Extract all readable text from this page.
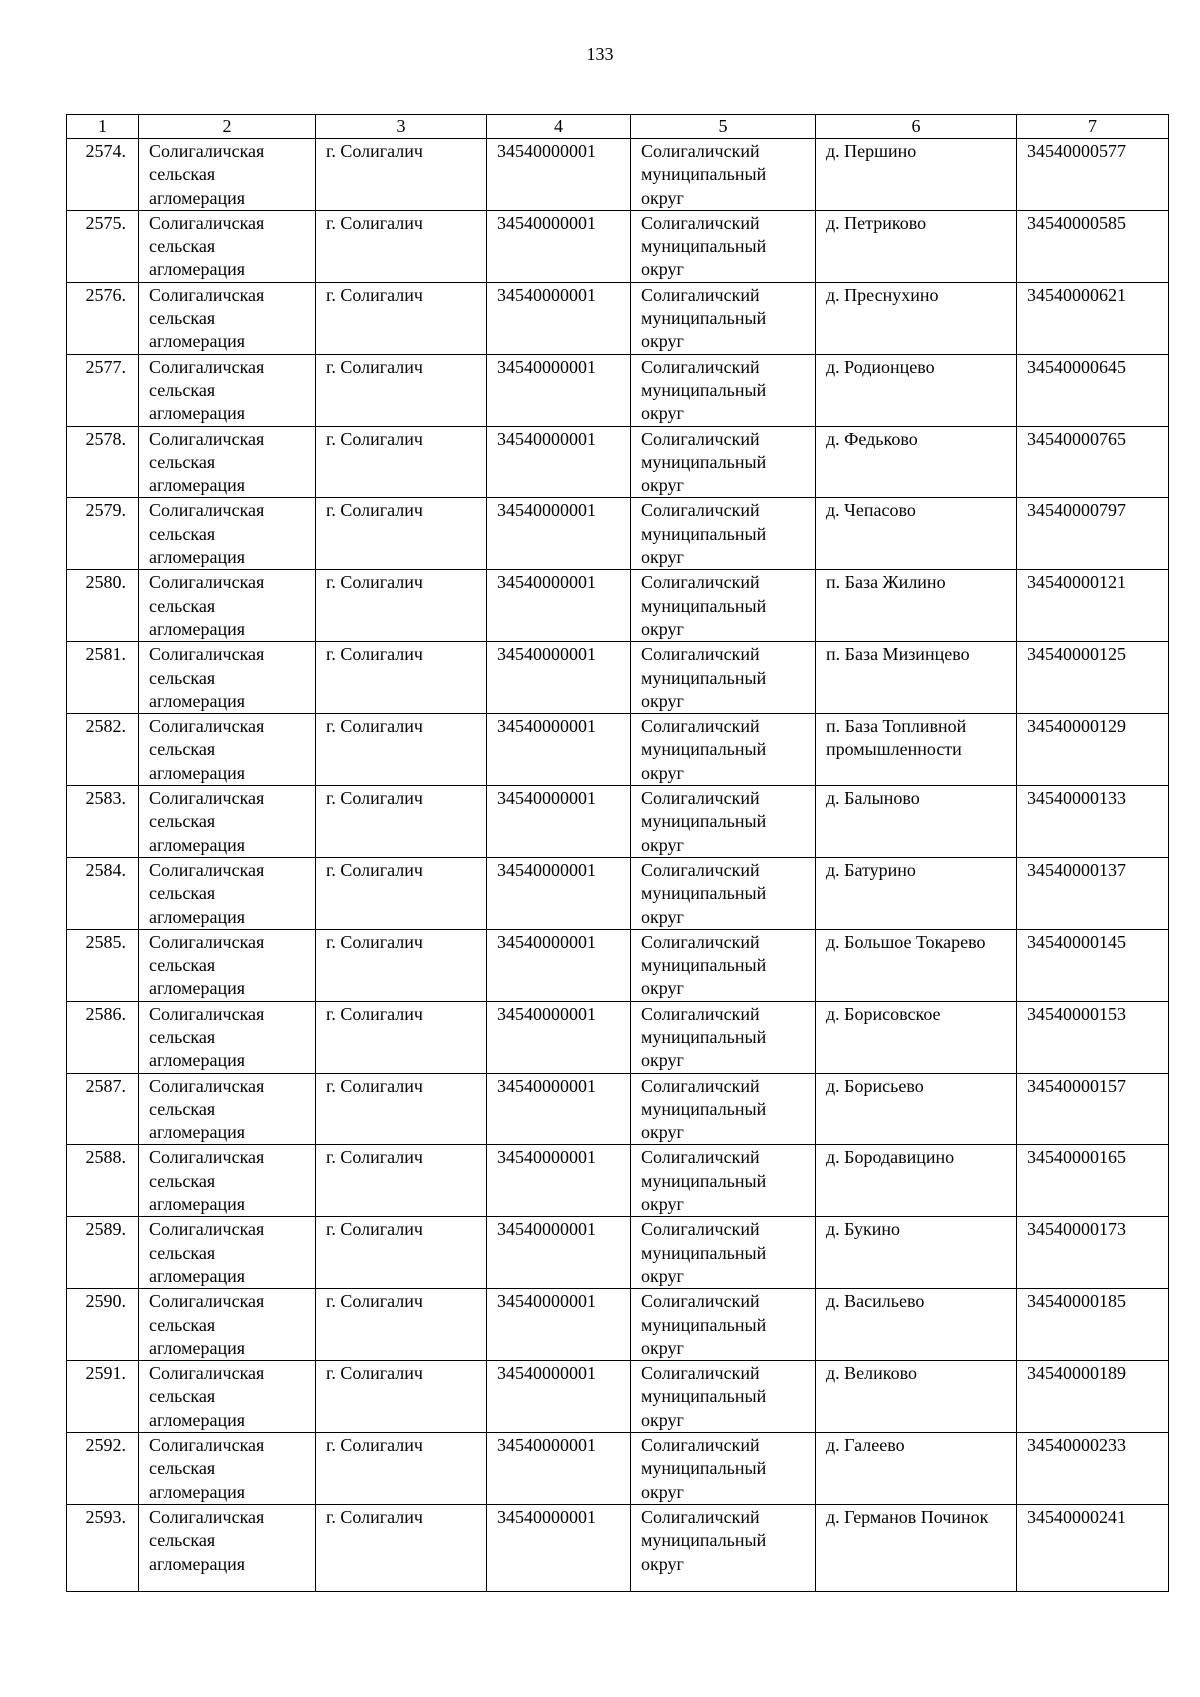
133
1	2	3	4	5	6	7
2574.	Солигаличская сельская агломерация	г. Солигалич	34540000001	Солигаличский муниципальный округ	д. Першино	34540000577
2575.	Солигаличская сельская агломерация	г. Солигалич	34540000001	Солигаличский муниципальный округ	д. Петриково	34540000585
2576.	Солигаличская сельская агломерация	г. Солигалич	34540000001	Солигаличский муниципальный округ	д. Преснухино	34540000621
2577.	Солигаличская сельская агломерация	г. Солигалич	34540000001	Солигаличский муниципальный округ	д. Родионцево	34540000645
2578.	Солигаличская сельская агломерация	г. Солигалич	34540000001	Солигаличский муниципальный округ	д. Федьково	34540000765
2579.	Солигаличская сельская агломерация	г. Солигалич	34540000001	Солигаличский муниципальный округ	д. Чепасово	34540000797
2580.	Солигаличская сельская агломерация	г. Солигалич	34540000001	Солигаличский муниципальный округ	п. База Жилино	34540000121
2581.	Солигаличская сельская агломерация	г. Солигалич	34540000001	Солигаличский муниципальный округ	п. База Мизинцево	34540000125
2582.	Солигаличская сельская агломерация	г. Солигалич	34540000001	Солигаличский муниципальный округ	п. База Топливной промышленности	34540000129
2583.	Солигаличская сельская агломерация	г. Солигалич	34540000001	Солигаличский муниципальный округ	д. Балыново	34540000133
2584.	Солигаличская сельская агломерация	г. Солигалич	34540000001	Солигаличский муниципальный округ	д. Батурино	34540000137
2585.	Солигаличская сельская агломерация	г. Солигалич	34540000001	Солигаличский муниципальный округ	д. Большое Токарево	34540000145
2586.	Солигаличская сельская агломерация	г. Солигалич	34540000001	Солигаличский муниципальный округ	д. Борисовское	34540000153
2587.	Солигаличская сельская агломерация	г. Солигалич	34540000001	Солигаличский муниципальный округ	д. Борисьево	34540000157
2588.	Солигаличская сельская агломерация	г. Солигалич	34540000001	Солигаличский муниципальный округ	д. Бородавицино	34540000165
2589.	Солигаличская сельская агломерация	г. Солигалич	34540000001	Солигаличский муниципальный округ	д. Букино	34540000173
2590.	Солигаличская сельская агломерация	г. Солигалич	34540000001	Солигаличский муниципальный округ	д. Васильево	34540000185
2591.	Солигаличская сельская агломерация	г. Солигалич	34540000001	Солигаличский муниципальный округ	д. Великово	34540000189
2592.	Солигаличская сельская агломерация	г. Солигалич	34540000001	Солигаличский муниципальный округ	д. Галеево	34540000233
2593.	Солигаличская сельская агломерация	г. Солигалич	34540000001	Солигаличский муниципальный округ	д. Германов Починок	34540000241
